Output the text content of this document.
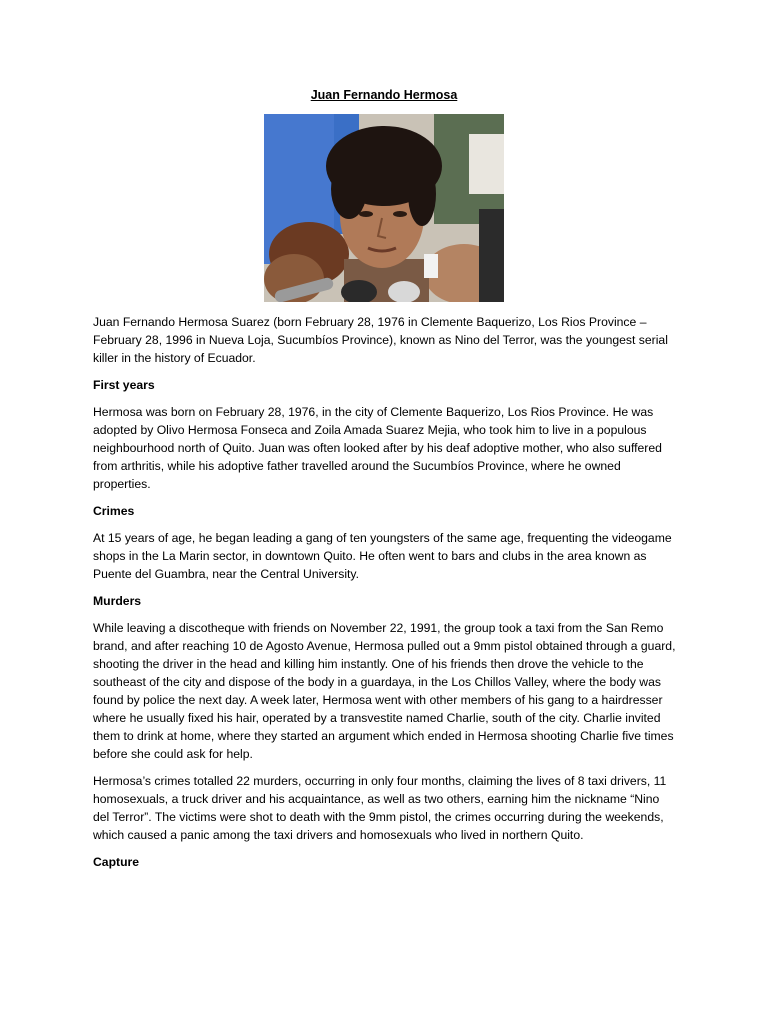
Juan Fernando Hermosa

Juan Fernando Hermosa Suarez (born February 28, 1976 in Clemente Baquerizo, Los Rios Province – February 28, 1996 in Nueva Loja, Sucumbíos Province), known as Nino del Terror, was the youngest serial killer in the history of Ecuador.

First years

Hermosa was born on February 28, 1976, in the city of Clemente Baquerizo, Los Rios Province. He was adopted by Olivo Hermosa Fonseca and Zoila Amada Suarez Mejia, who took him to live in a populous neighbourhood north of Quito. Juan was often looked after by his deaf adoptive mother, who also suffered from arthritis, while his adoptive father travelled around the Sucumbíos Province, where he owned properties.

Crimes

At 15 years of age, he began leading a gang of ten youngsters of the same age, frequenting the videogame shops in the La Marin sector, in downtown Quito. He often went to bars and clubs in the area known as Puente del Guambra, near the Central University.

Murders

While leaving a discotheque with friends on November 22, 1991, the group took a taxi from the San Remo brand, and after reaching 10 de Agosto Avenue, Hermosa pulled out a 9mm pistol obtained through a guard, shooting the driver in the head and killing him instantly. One of his friends then drove the vehicle to the southeast of the city and dispose of the body in a guardaya, in the Los Chillos Valley, where the body was found by police the next day. A week later, Hermosa went with other members of his gang to a hairdresser where he usually fixed his hair, operated by a transvestite named Charlie, south of the city. Charlie invited them to drink at home, where they started an argument which ended in Hermosa shooting Charlie five times before she could ask for help.

Hermosa’s crimes totalled 22 murders, occurring in only four months, claiming the lives of 8 taxi drivers, 11 homosexuals, a truck driver and his acquaintance, as well as two others, earning him the nickname “Nino del Terror”. The victims were shot to death with the 9mm pistol, the crimes occurring during the weekends, which caused a panic among the taxi drivers and homosexuals who lived in northern Quito.

Capture
